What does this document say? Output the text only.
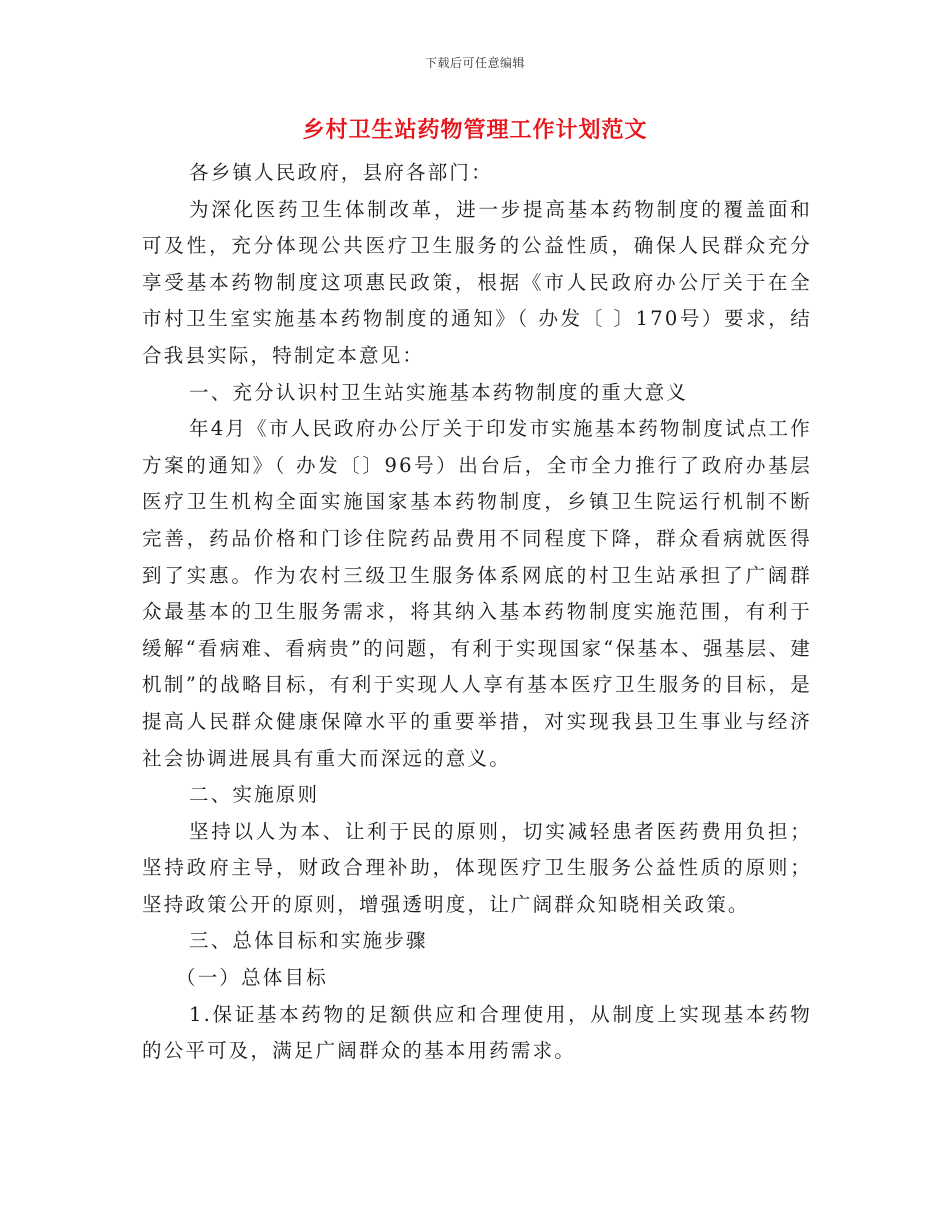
下载后可任意编辑
乡村卫生站药物管理工作计划范文

各乡镇人民政府，县府各部门：

为深化医药卫生体制改革，进一步提高基本药物制度的覆盖面和可及性，充分体现公共医疗卫生服务的公益性质，确保人民群众充分享受基本药物制度这项惠民政策，根据《市人民政府办公厅关于在全市村卫生室实施基本药物制度的通知》（ 办发〔 〕170号）要求，结合我县实际，特制定本意见：

一、充分认识村卫生站实施基本药物制度的重大意义

年4月《市人民政府办公厅关于印发市实施基本药物制度试点工作方案的通知》（ 办发〔〕96号）出台后，全市全力推行了政府办基层医疗卫生机构全面实施国家基本药物制度，乡镇卫生院运行机制不断完善，药品价格和门诊住院药品费用不同程度下降，群众看病就医得到了实惠。作为农村三级卫生服务体系网底的村卫生站承担了广阔群众最基本的卫生服务需求，将其纳入基本药物制度实施范围，有利于缓解“看病难、看病贵”的问题，有利于实现国家“保基本、强基层、建机制”的战略目标，有利于实现人人享有基本医疗卫生服务的目标，是提高人民群众健康保障水平的重要举措，对实现我县卫生事业与经济社会协调进展具有重大而深远的意义。

二、实施原则

坚持以人为本、让利于民的原则，切实减轻患者医药费用负担；坚持政府主导，财政合理补助，体现医疗卫生服务公益性质的原则；坚持政策公开的原则，增强透明度，让广阔群众知晓相关政策。

三、总体目标和实施步骤

（一）总体目标

1.保证基本药物的足额供应和合理使用，从制度上实现基本药物的公平可及，满足广阔群众的基本用药需求。
